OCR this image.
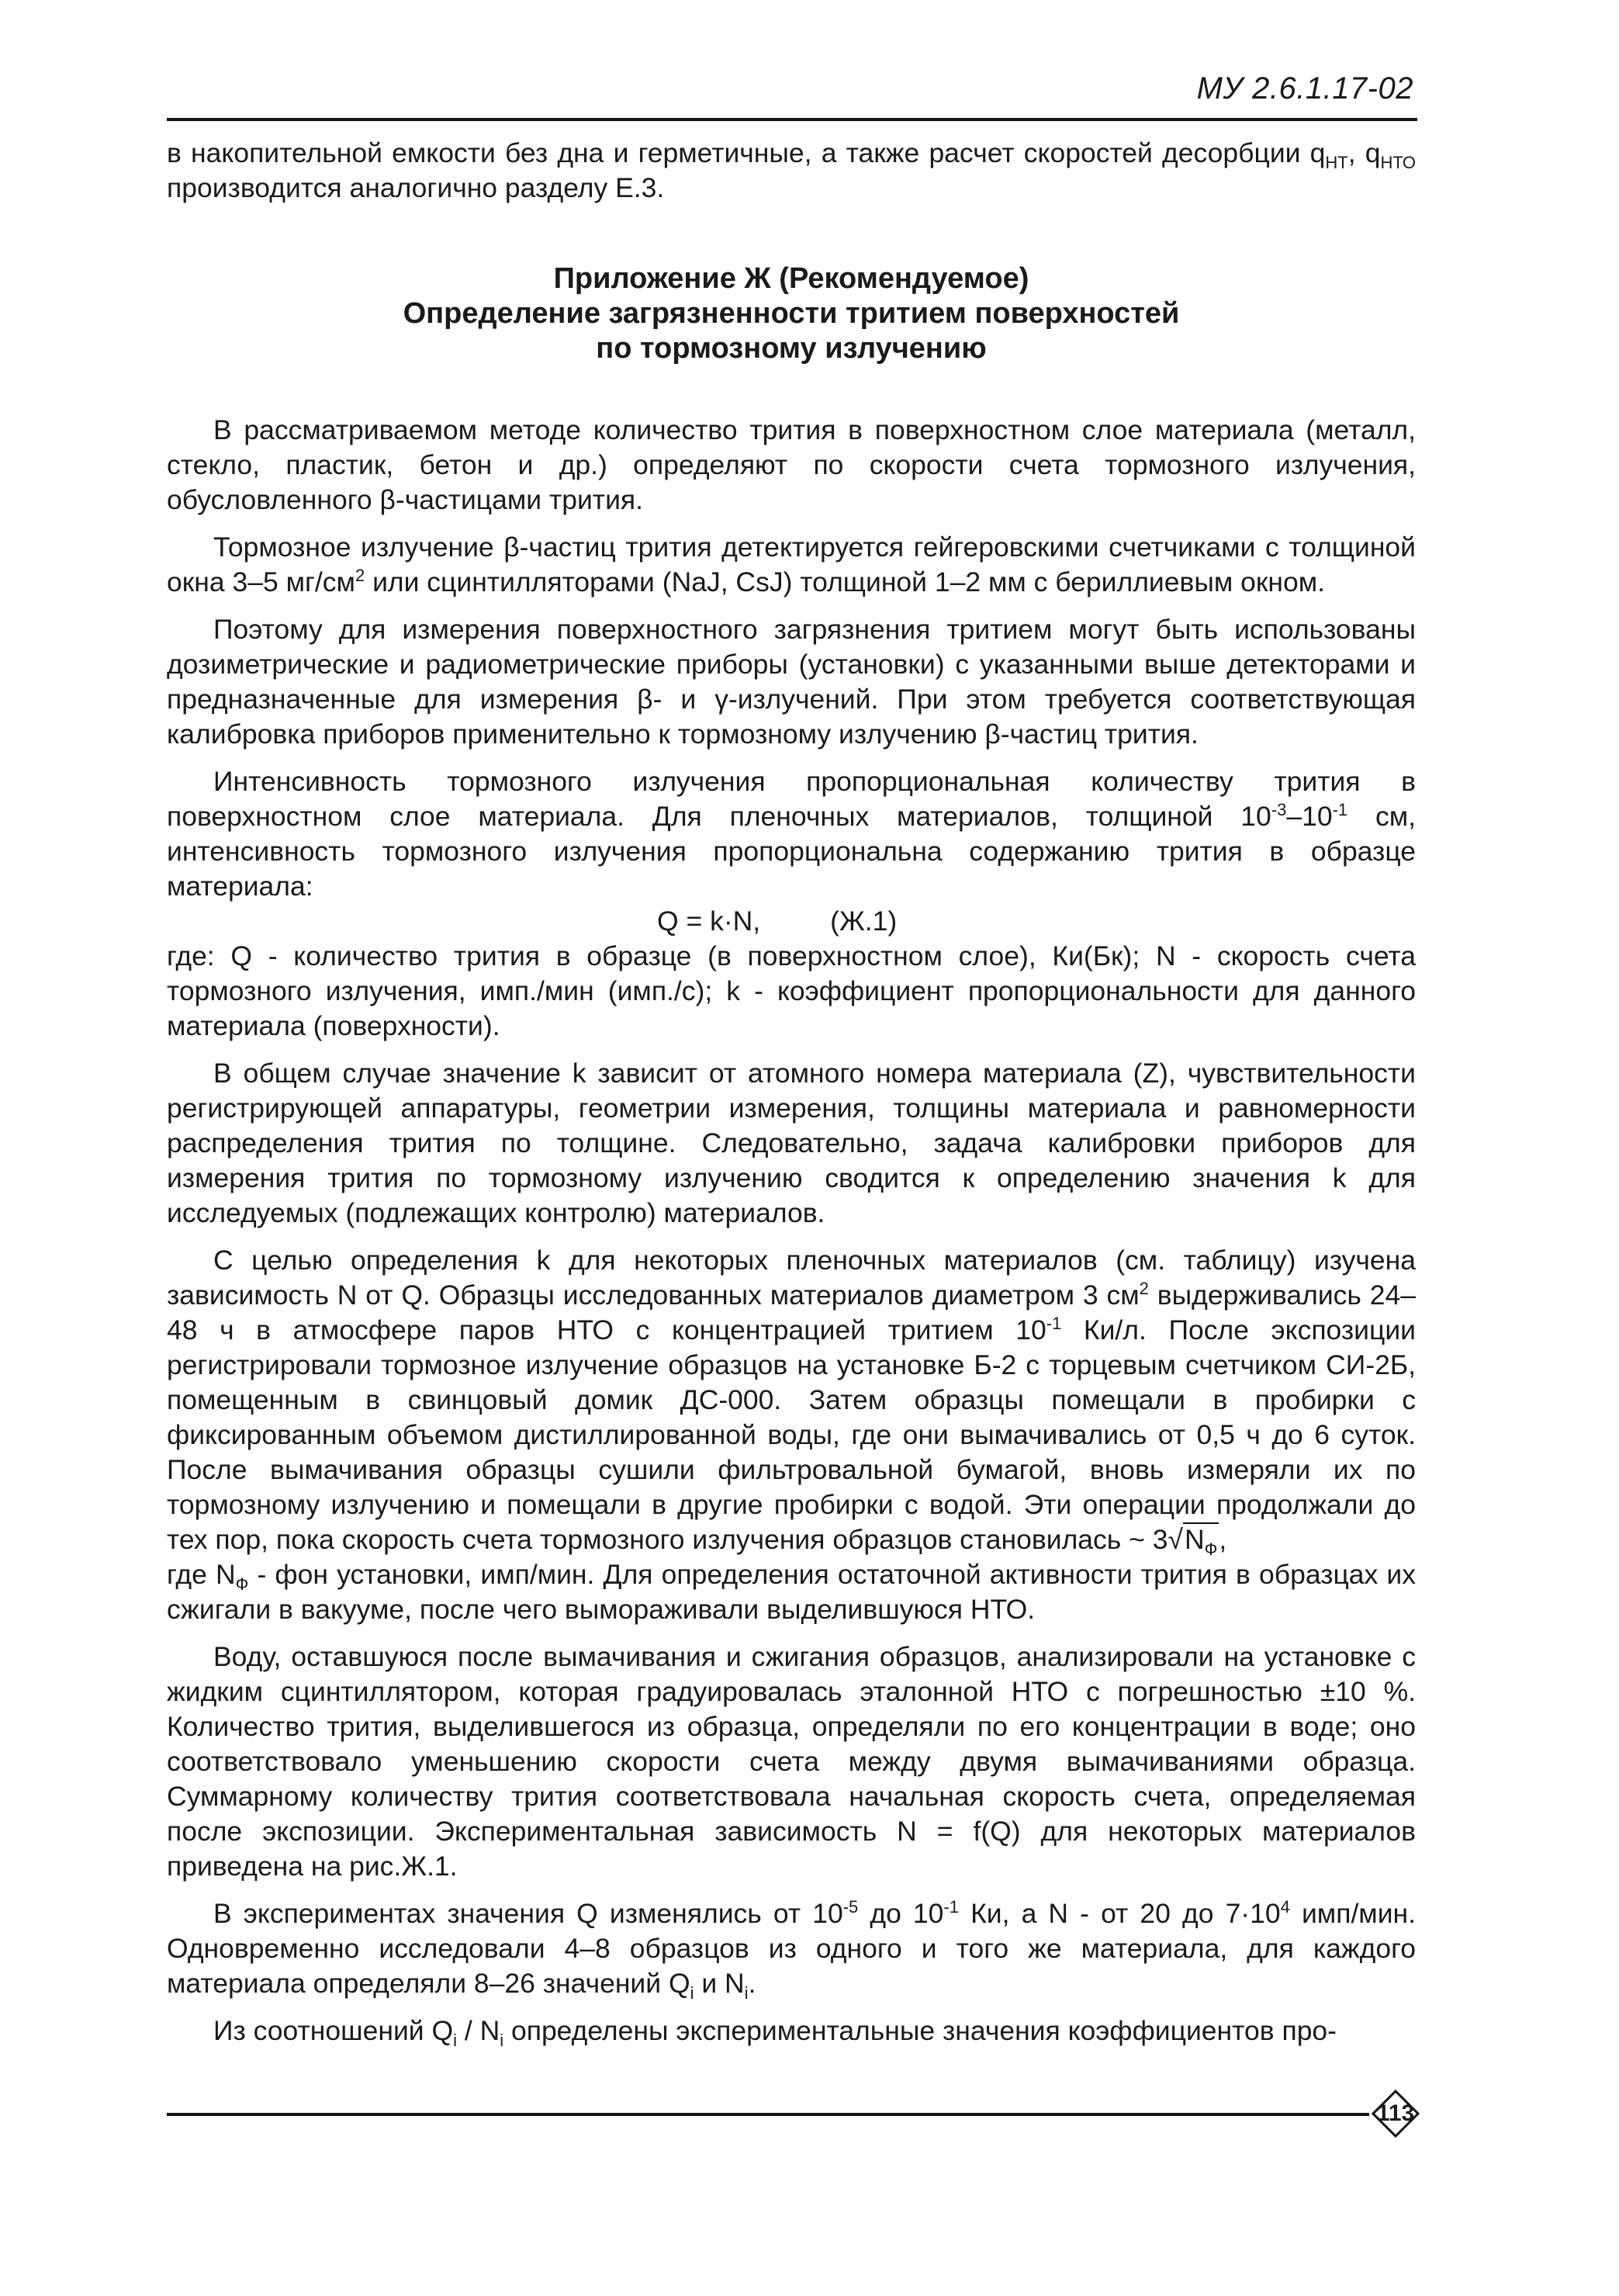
МУ 2.6.1.17-02

в накопительной емкости без дна и герметичные, а также расчет скоростей десорбции $q_{НТ}$, $q_{НТО}$ производится аналогично разделу Е.3.

Приложение Ж (Рекомендуемое)
Определение загрязненности тритием поверхностей
по тормозному излучению

В рассматриваемом методе количество трития в поверхностном слое материала (металл, стекло, пластик, бетон и др.) определяют по скорости счета тормозного излучения, обусловленного β-частицами трития.

Тормозное излучение β-частиц трития детектируется гейгеровскими счетчиками с толщиной окна 3–5 $мг/см^2$ или сцинтилляторами (NaJ, CsJ) толщиной 1–2 мм с бериллиевым окном.

Поэтому для измерения поверхностного загрязнения тритием могут быть использованы дозиметрические и радиометрические приборы (установки) с указанными выше детекторами и предназначенные для измерения β- и γ-излучений. При этом требуется соответствующая калибровка приборов применительно к тормозному излучению β-частиц трития.

Интенсивность тормозного излучения пропорциональная количеству трития в поверхностном слое материала. Для пленочных материалов, толщиной $10^{-3}-10^{-1}$ см, интенсивность тормозного излучения пропорциональна содержанию трития в образце материала:

Q = k·N,	(Ж.1)

где: Q - количество трития в образце (в поверхностном слое), Ки(Бк); N - скорость счета тормозного излучения, имп./мин (имп./с); k - коэффициент пропорциональности для данного материала (поверхности).

В общем случае значение k зависит от атомного номера материала (Z), чувствительности регистрирующей аппаратуры, геометрии измерения, толщины материала и равномерности распределения трития по толщине. Следовательно, задача калибровки приборов для измерения трития по тормозному излучению сводится к определению значения k для исследуемых (подлежащих контролю) материалов.

С целью определения k для некоторых пленочных материалов (см. таблицу) изучена зависимость N от Q. Образцы исследованных материалов диаметром 3 $см^2$ выдерживались 24–48 ч в атмосфере паров НТО с концентрацией тритием $10^{-1}$ Ки/л. После экспозиции регистрировали тормозное излучение образцов на установке Б-2 с торцевым счетчиком СИ-2Б, помещенным в свинцовый домик ДС-000. Затем образцы помещали в пробирки с фиксированным объемом дистиллированной воды, где они вымачивались от 0,5 ч до 6 суток. После вымачивания образцы сушили фильтровальной бумагой, вновь измеряли их по тормозному излучению и помещали в другие пробирки с водой. Эти операции продолжали до тех пор, пока скорость счета тормозного излучения образцов становилась ~ $3√N_Ф$,

где $N_Ф$ - фон установки, имп/мин. Для определения остаточной активности трития в образцах их сжигали в вакууме, после чего вымораживали выделившуюся НТО.

Воду, оставшуюся после вымачивания и сжигания образцов, анализировали на установке с жидким сцинтиллятором, которая градуировалась эталонной НТО с погрешностью ±10 %. Количество трития, выделившегося из образца, определяли по его концентрации в воде; оно соответствовало уменьшению скорости счета между двумя вымачиваниями образца. Суммарному количеству трития соответствовала начальная скорость счета, определяемая после экспозиции. Экспериментальная зависимость N = f(Q) для некоторых материалов приведена на рис.Ж.1.

В экспериментах значения Q изменялись от $10^{-5}$ до $10^{-1}$ Ки, а N - от 20 до $7\cdot 10^4$ имп/мин. Одновременно исследовали 4–8 образцов из одного и того же материала, для каждого материала определяли 8–26 значений $Q_i$ и $N_i$.

Из соотношений $Q_i / N_i$ определены экспериментальные значения коэффициентов про-

113
